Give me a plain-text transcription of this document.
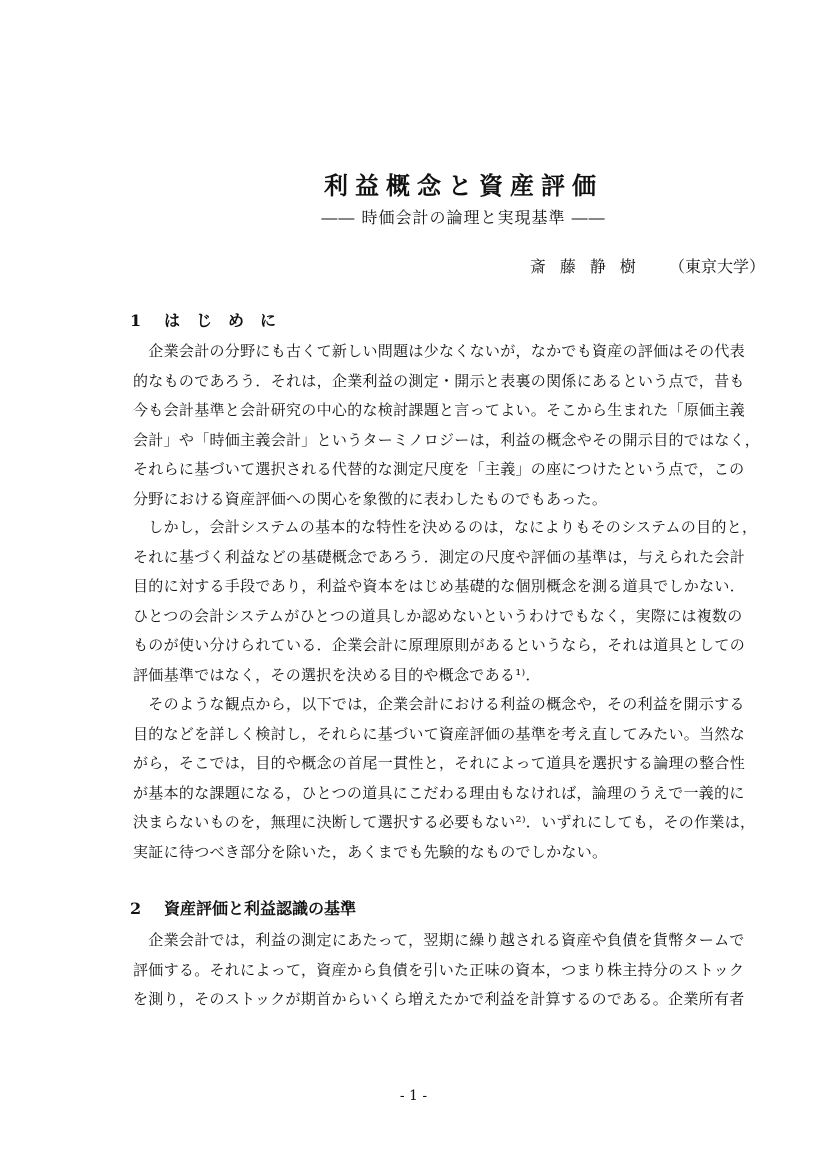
利益概念と資産評価
―― 時価会計の論理と実現基準 ――
斎藤静樹 （東京大学）
1 はじめに
　企業会計の分野にも古くて新しい問題は少なくないが，なかでも資産の評価はその代表
的なものであろう．それは，企業利益の測定・開示と表裏の関係にあるという点で，昔も
今も会計基準と会計研究の中心的な検討課題と言ってよい。そこから生まれた「原価主義
会計」や「時価主義会計」というターミノロジーは，利益の概念やその開示目的ではなく，
それらに基づいて選択される代替的な測定尺度を「主義」の座につけたという点で，この
分野における資産評価への関心を象徴的に表わしたものでもあった。
　しかし，会計システムの基本的な特性を決めるのは，なによりもそのシステムの目的と，
それに基づく利益などの基礎概念であろう．測定の尺度や評価の基準は，与えられた会計
目的に対する手段であり，利益や資本をはじめ基礎的な個別概念を測る道具でしかない．
ひとつの会計システムがひとつの道具しか認めないというわけでもなく，実際には複数の
ものが使い分けられている．企業会計に原理原則があるというなら，それは道具としての
評価基準ではなく，その選択を決める目的や概念である¹⁾．
　そのような観点から，以下では，企業会計における利益の概念や，その利益を開示する
目的などを詳しく検討し，それらに基づいて資産評価の基準を考え直してみたい。当然な
がら，そこでは，目的や概念の首尾一貫性と，それによって道具を選択する論理の整合性
が基本的な課題になる，ひとつの道具にこだわる理由もなければ，論理のうえで一義的に
決まらないものを，無理に決断して選択する必要もない²⁾．いずれにしても，その作業は，
実証に待つべき部分を除いた，あくまでも先験的なものでしかない。
2 資産評価と利益認識の基準
　企業会計では，利益の測定にあたって，翌期に繰り越される資産や負債を貨幣タームで
評価する。それによって，資産から負債を引いた正味の資本，つまり株主持分のストック
を測り，そのストックが期首からいくら増えたかで利益を計算するのである。企業所有者
- 1 -
